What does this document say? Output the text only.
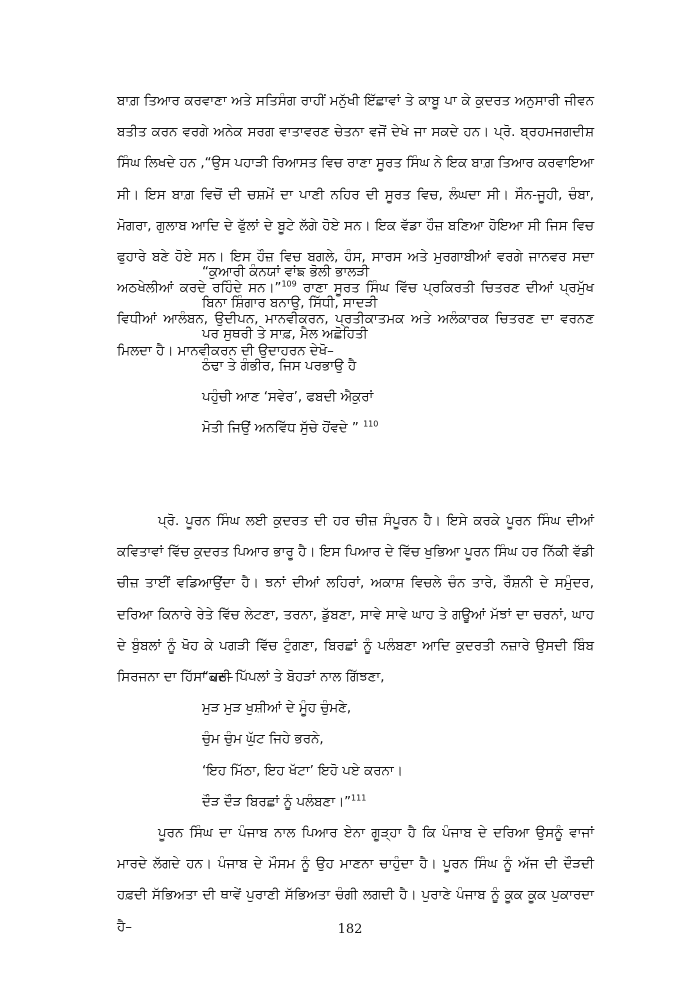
ਬਾਗ਼ ਤਿਆਰ ਕਰਵਾਣਾ ਅਤੇ ਸਤਿਸੰਗ ਰਾਹੀਂ ਮਨੁੱਖੀ ਇੱਛਾਵਾਂ ਤੇ ਕਾਬੂ ਪਾ ਕੇ ਕੁਦਰਤ ਅਨੁਸਾਰੀ ਜੀਵਨ ਬਤੀਤ ਕਰਨ ਵਰਗੇ ਅਨੇਕ ਸਰਗ ਵਾਤਾਵਰਣ ਚੇਤਨਾ ਵਜੋਂ ਦੇਖੇ ਜਾ ਸਕਦੇ ਹਨ। ਪ੍ਰੋ. ਬ੍ਰਹਮਜਗਦੀਸ਼ ਸਿੰਘ ਲਿਖਦੇ ਹਨ ,“ਉਸ ਪਹਾੜੀ ਰਿਆਸਤ ਵਿਚ ਰਾਣਾ ਸੂਰਤ ਸਿੰਘ ਨੇ ਇਕ ਬਾਗ਼ ਤਿਆਰ ਕਰਵਾਇਆ ਸੀ। ਇਸ ਬਾਗ਼ ਵਿਚੋਂ ਦੀ ਚਸ਼ਮੇਂ ਦਾ ਪਾਣੀ ਨਹਿਰ ਦੀ ਸੂਰਤ ਵਿਚ, ਲੰਘਦਾ ਸੀ। ਸੌਨ-ਜੂਹੀ, ਚੰਬਾ, ਮੋਗਰਾ, ਗੁਲਾਬ ਆਦਿ ਦੇ ਫੁੱਲਾਂ ਦੇ ਬੂਟੇ ਲੱਗੇ ਹੋਏ ਸਨ। ਇਕ ਵੱਡਾ ਹੌਜ਼ ਬਣਿਆ ਹੋਇਆ ਸੀ ਜਿਸ ਵਿਚ ਫੁਹਾਰੇ ਬਣੇ ਹੋਏ ਸਨ। ਇਸ ਹੌਜ਼ ਵਿਚ ਬਗਲੇ, ਹੰਸ, ਸਾਰਸ ਅਤੇ ਮੁਰਗਾਬੀਆਂ ਵਰਗੇ ਜਾਨਵਰ ਸਦਾ ਅਠਖੇਲੀਆਂ ਕਰਦੇ ਰਹਿੰਦੇ ਸਨ।”$^{109}$ ਰਾਣਾ ਸੂਰਤ ਸਿੰਘ ਵਿੱਚ ਪ੍ਰਕਿਰਤੀ ਚਿਤਰਣ ਦੀਆਂ ਪ੍ਰਮੁੱਖ ਵਿਧੀਆਂ ਆਲੰਬਨ, ਉਦੀਪਨ, ਮਾਨਵੀਕਰਨ, ਪ੍ਰਤੀਕਾਤਮਕ ਅਤੇ ਅਲੰਕਾਰਕ ਚਿਤਰਣ ਦਾ ਵਰਨਣ ਮਿਲਦਾ ਹੈ। ਮਾਨਵੀਕਰਨ ਦੀ ਉਦਾਹਰਨ ਦੇਖੋ–

“ਕੁਆਰੀ ਕੰਨਯਾਂ ਵਾਂਙ ਭੋਲੀ ਭਾਲੜੀ
ਬਿਨਾ ਸ਼ਿੰਗਾਰ ਬਨਾਉ, ਸਿੱਧੀ, ਸਾਦੜੀ
ਪਰ ਸੁਥਰੀ ਤੇ ਸਾਫ਼, ਮੈਲ ਅਛੋਹਿਤੀ
ਠੰਢਾ ਤੇ ਗੰਭੀਰ, ਜਿਸ ਪਰਭਾਉ ਹੈ
ਪਹੁੰਚੀ ਆਣ ‘ਸਵੇਰ’, ਫਬਦੀ ਐਕੁਰਾਂ
ਮੋਤੀ ਜਿਉਂ ਅਨਵਿੱਧ ਸੁੱਚੇ ਹੋਂਵਦੇ ” $^{110}$

ਪ੍ਰੋ. ਪੂਰਨ ਸਿੰਘ ਲਈ ਕੁਦਰਤ ਦੀ ਹਰ ਚੀਜ਼ ਸੰਪੂਰਨ ਹੈ। ਇਸੇ ਕਰਕੇ ਪੂਰਨ ਸਿੰਘ ਦੀਆਂ ਕਵਿਤਾਵਾਂ ਵਿੱਚ ਕੁਦਰਤ ਪਿਆਰ ਭਾਰੂ ਹੈ। ਇਸ ਪਿਆਰ ਦੇ ਵਿੱਚ ਖੁਭਿਆ ਪੂਰਨ ਸਿੰਘ ਹਰ ਨਿੱਕੀ ਵੱਡੀ ਚੀਜ਼ ਤਾਈਂ ਵਡਿਆਉਂਦਾ ਹੈ। ਝਨਾਂ ਦੀਆਂ ਲਹਿਰਾਂ, ਅਕਾਸ਼ ਵਿਚਲੇ ਚੰਨ ਤਾਰੇ, ਰੌਸ਼ਨੀ ਦੇ ਸਮੁੰਦਰ, ਦਰਿਆ ਕਿਨਾਰੇ ਰੇਤੇ ਵਿੱਚ ਲੇਟਣਾ, ਤਰਨਾ, ਡੁੱਬਣਾ, ਸਾਵੇ ਸਾਵੇ ਘਾਹ ਤੇ ਗਊਆਂ ਮੱਝਾਂ ਦਾ ਚਰਨਾਂ, ਘਾਹ ਦੇ ਬੁੰਬਲਾਂ ਨੂੰ ਖੋਹ ਕੇ ਪਗੜੀ ਵਿੱਚ ਟੁੰਗਣਾ, ਬਿਰਛਾਂ ਨੂੰ ਪਲੰਬਣਾ ਆਦਿ ਕੁਦਰਤੀ ਨਜ਼ਾਰੇ ਉਸਦੀ ਬਿੰਬ ਸਿਰਜਨਾ ਦਾ ਹਿੱਸਾ ਹਨ–

“ਕਦੀ ਪਿੱਪਲਾਂ ਤੇ ਬੋਹੜਾਂ ਨਾਲ ਗਿੱਝਣਾ,
ਮੁੜ ਮੁੜ ਖੁਸ਼ੀਆਂ ਦੇ ਮੂੰਹ ਚੁੰਮਣੇ,
ਚੁੰਮ ਚੁੰਮ ਘੁੱਟ ਜਿਹੇ ਭਰਨੇ,
‘ਇਹ ਮਿੱਠਾ, ਇਹ ਖੱਟਾ’ ਇਹੋ ਪਏ ਕਰਨਾ।
ਦੌੜ ਦੌੜ ਬਿਰਛਾਂ ਨੂੰ ਪਲੰਬਣਾ।”$^{111}$

ਪੂਰਨ ਸਿੰਘ ਦਾ ਪੰਜਾਬ ਨਾਲ ਪਿਆਰ ਏਨਾ ਗੂੜ੍ਹਾ ਹੈ ਕਿ ਪੰਜਾਬ ਦੇ ਦਰਿਆ ਉਸਨੂੰ ਵਾਜਾਂ ਮਾਰਦੇ ਲੱਗਦੇ ਹਨ। ਪੰਜਾਬ ਦੇ ਮੌਸਮ ਨੂੰ ਉਹ ਮਾਣਨਾ ਚਾਹੁੰਦਾ ਹੈ। ਪੂਰਨ ਸਿੰਘ ਨੂੰ ਅੱਜ ਦੀ ਦੌੜਦੀ ਹਫ਼ਦੀ ਸੱਭਿਅਤਾ ਦੀ ਥਾਵੇਂ ਪੁਰਾਣੀ ਸੱਭਿਅਤਾ ਚੰਗੀ ਲਗਦੀ ਹੈ। ਪੁਰਾਣੇ ਪੰਜਾਬ ਨੂੰ ਕੂਕ ਕੂਕ ਪੁਕਾਰਦਾ ਹੈ–	182
